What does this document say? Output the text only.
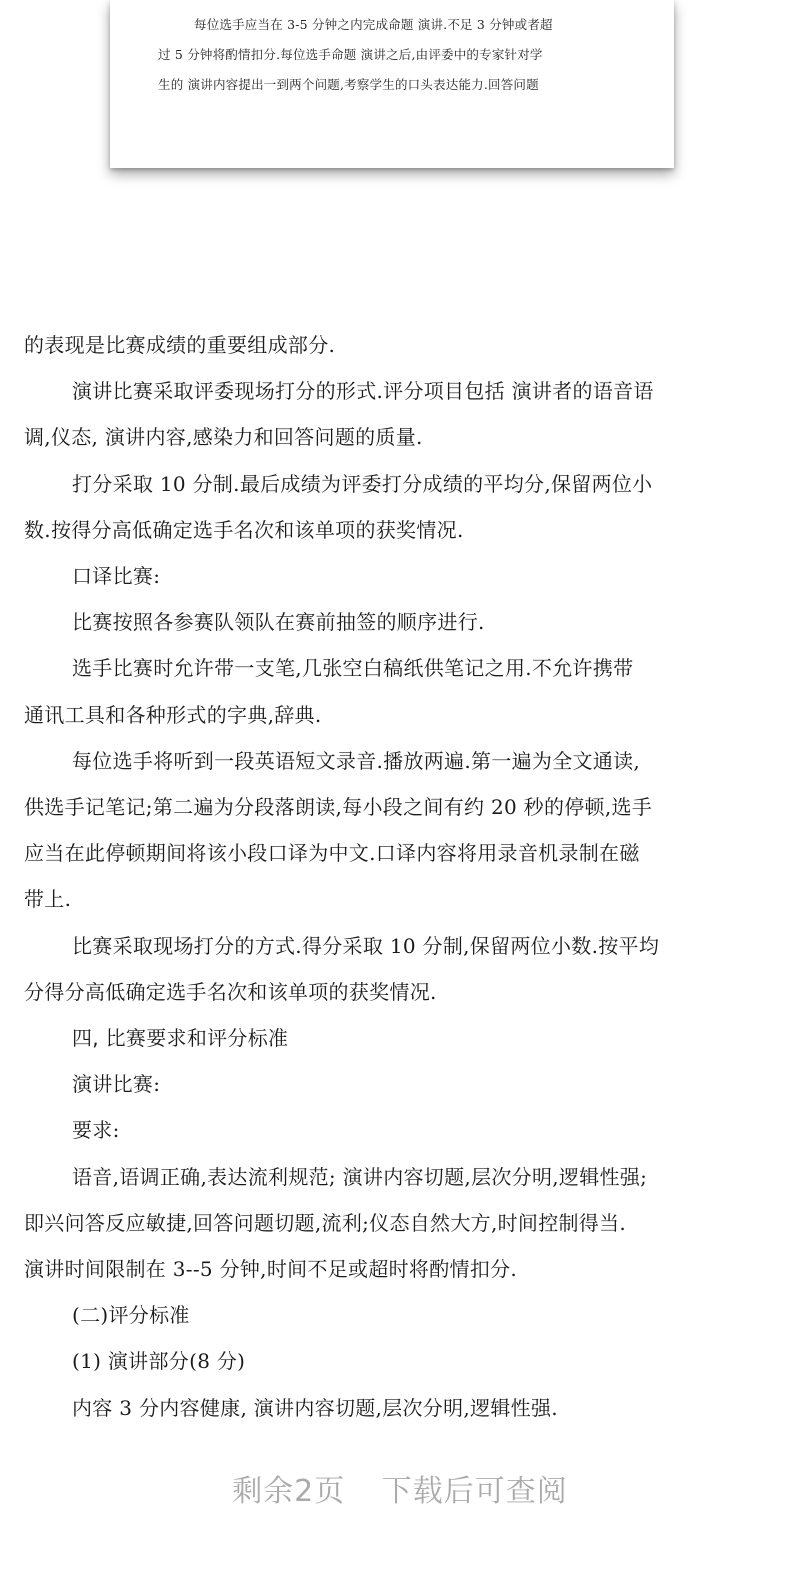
每位选手应当在 3-5 分钟之内完成命题 演讲.不足 3 分钟或者超

过 5 分钟将酌情扣分.每位选手命题 演讲之后,由评委中的专家针对学

生的 演讲内容提出一到两个问题,考察学生的口头表达能力.回答问题

的表现是比赛成绩的重要组成部分.

演讲比赛采取评委现场打分的形式.评分项目包括 演讲者的语音语

调,仪态, 演讲内容,感染力和回答问题的质量.

打分采取 10 分制.最后成绩为评委打分成绩的平均分,保留两位小

数.按得分高低确定选手名次和该单项的获奖情况.

口译比赛:

比赛按照各参赛队领队在赛前抽签的顺序进行.

选手比赛时允许带一支笔,几张空白稿纸供笔记之用.不允许携带

通讯工具和各种形式的字典,辞典.

每位选手将听到一段英语短文录音.播放两遍.第一遍为全文通读,

供选手记笔记;第二遍为分段落朗读,每小段之间有约 20 秒的停顿,选手

应当在此停顿期间将该小段口译为中文.口译内容将用录音机录制在磁

带上.

比赛采取现场打分的方式.得分采取 10 分制,保留两位小数.按平均

分得分高低确定选手名次和该单项的获奖情况.

四, 比赛要求和评分标准

演讲比赛:

要求:

语音,语调正确,表达流利规范; 演讲内容切题,层次分明,逻辑性强;

即兴问答反应敏捷,回答问题切题,流利;仪态自然大方,时间控制得当.

演讲时间限制在 3--5 分钟,时间不足或超时将酌情扣分.

(二)评分标准

(1) 演讲部分(8 分)

内容 3 分内容健康, 演讲内容切题,层次分明,逻辑性强.

剩余2页 下载后可查阅
